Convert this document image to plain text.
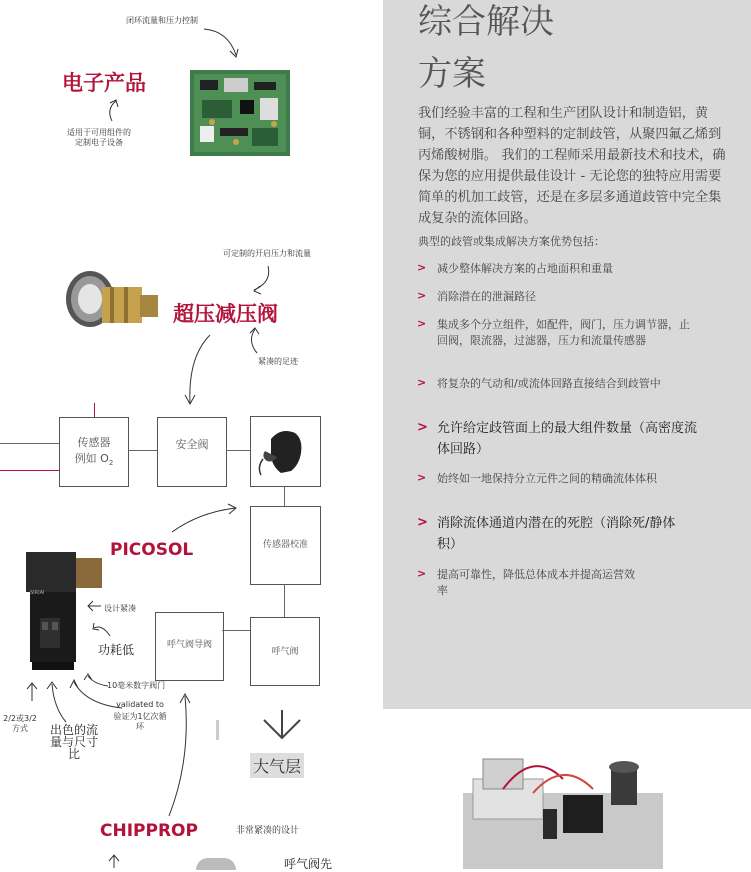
闭环流量和压力控制
电子产品
适用于可用组件的定制电子设备
可定制的开启压力和流量
超压减压阀
紧凑的足迹
传感器
例如 $O_2$
安全阀
传感器校准
呼气阀导阀
呼气阀
大气层
PICOSOL
SIRIAI
设计紧凑
功耗低
10毫米数字阀门
validated to
验证为1亿次循环
2/2或3/2方式	出色的流量与尺寸比
CHIPPROP	非常紧凑的设计
呼气阀先
综合解决
方案
我们经验丰富的工程和生产团队设计和制造铝，黄铜，不锈钢和各种塑料的定制歧管，从聚四氟乙烯到丙烯酸树脂。 我们的工程师采用最新技术和技术，确保为您的应用提供最佳设计 - 无论您的独特应用需要简单的机加工歧管，还是在多层多通道歧管中完全集成复杂的流体回路。
典型的歧管或集成解决方案优势包括：
> 减少整体解决方案的占地面积和重量
> 消除潜在的泄漏路径
> 集成多个分立组件，如配件，阀门，压力调节器，止回阀，限流器，过滤器，压力和流量传感器
> 将复杂的气动和/或流体回路直接结合到歧管中
> 允许给定歧管面上的最大组件数量（高密度流体回路）
> 始终如一地保持分立元件之间的精确流体体积
> 消除流体通道内潜在的死腔（消除死/静体积）
> 提高可靠性，降低总体成本并提高运营效率
